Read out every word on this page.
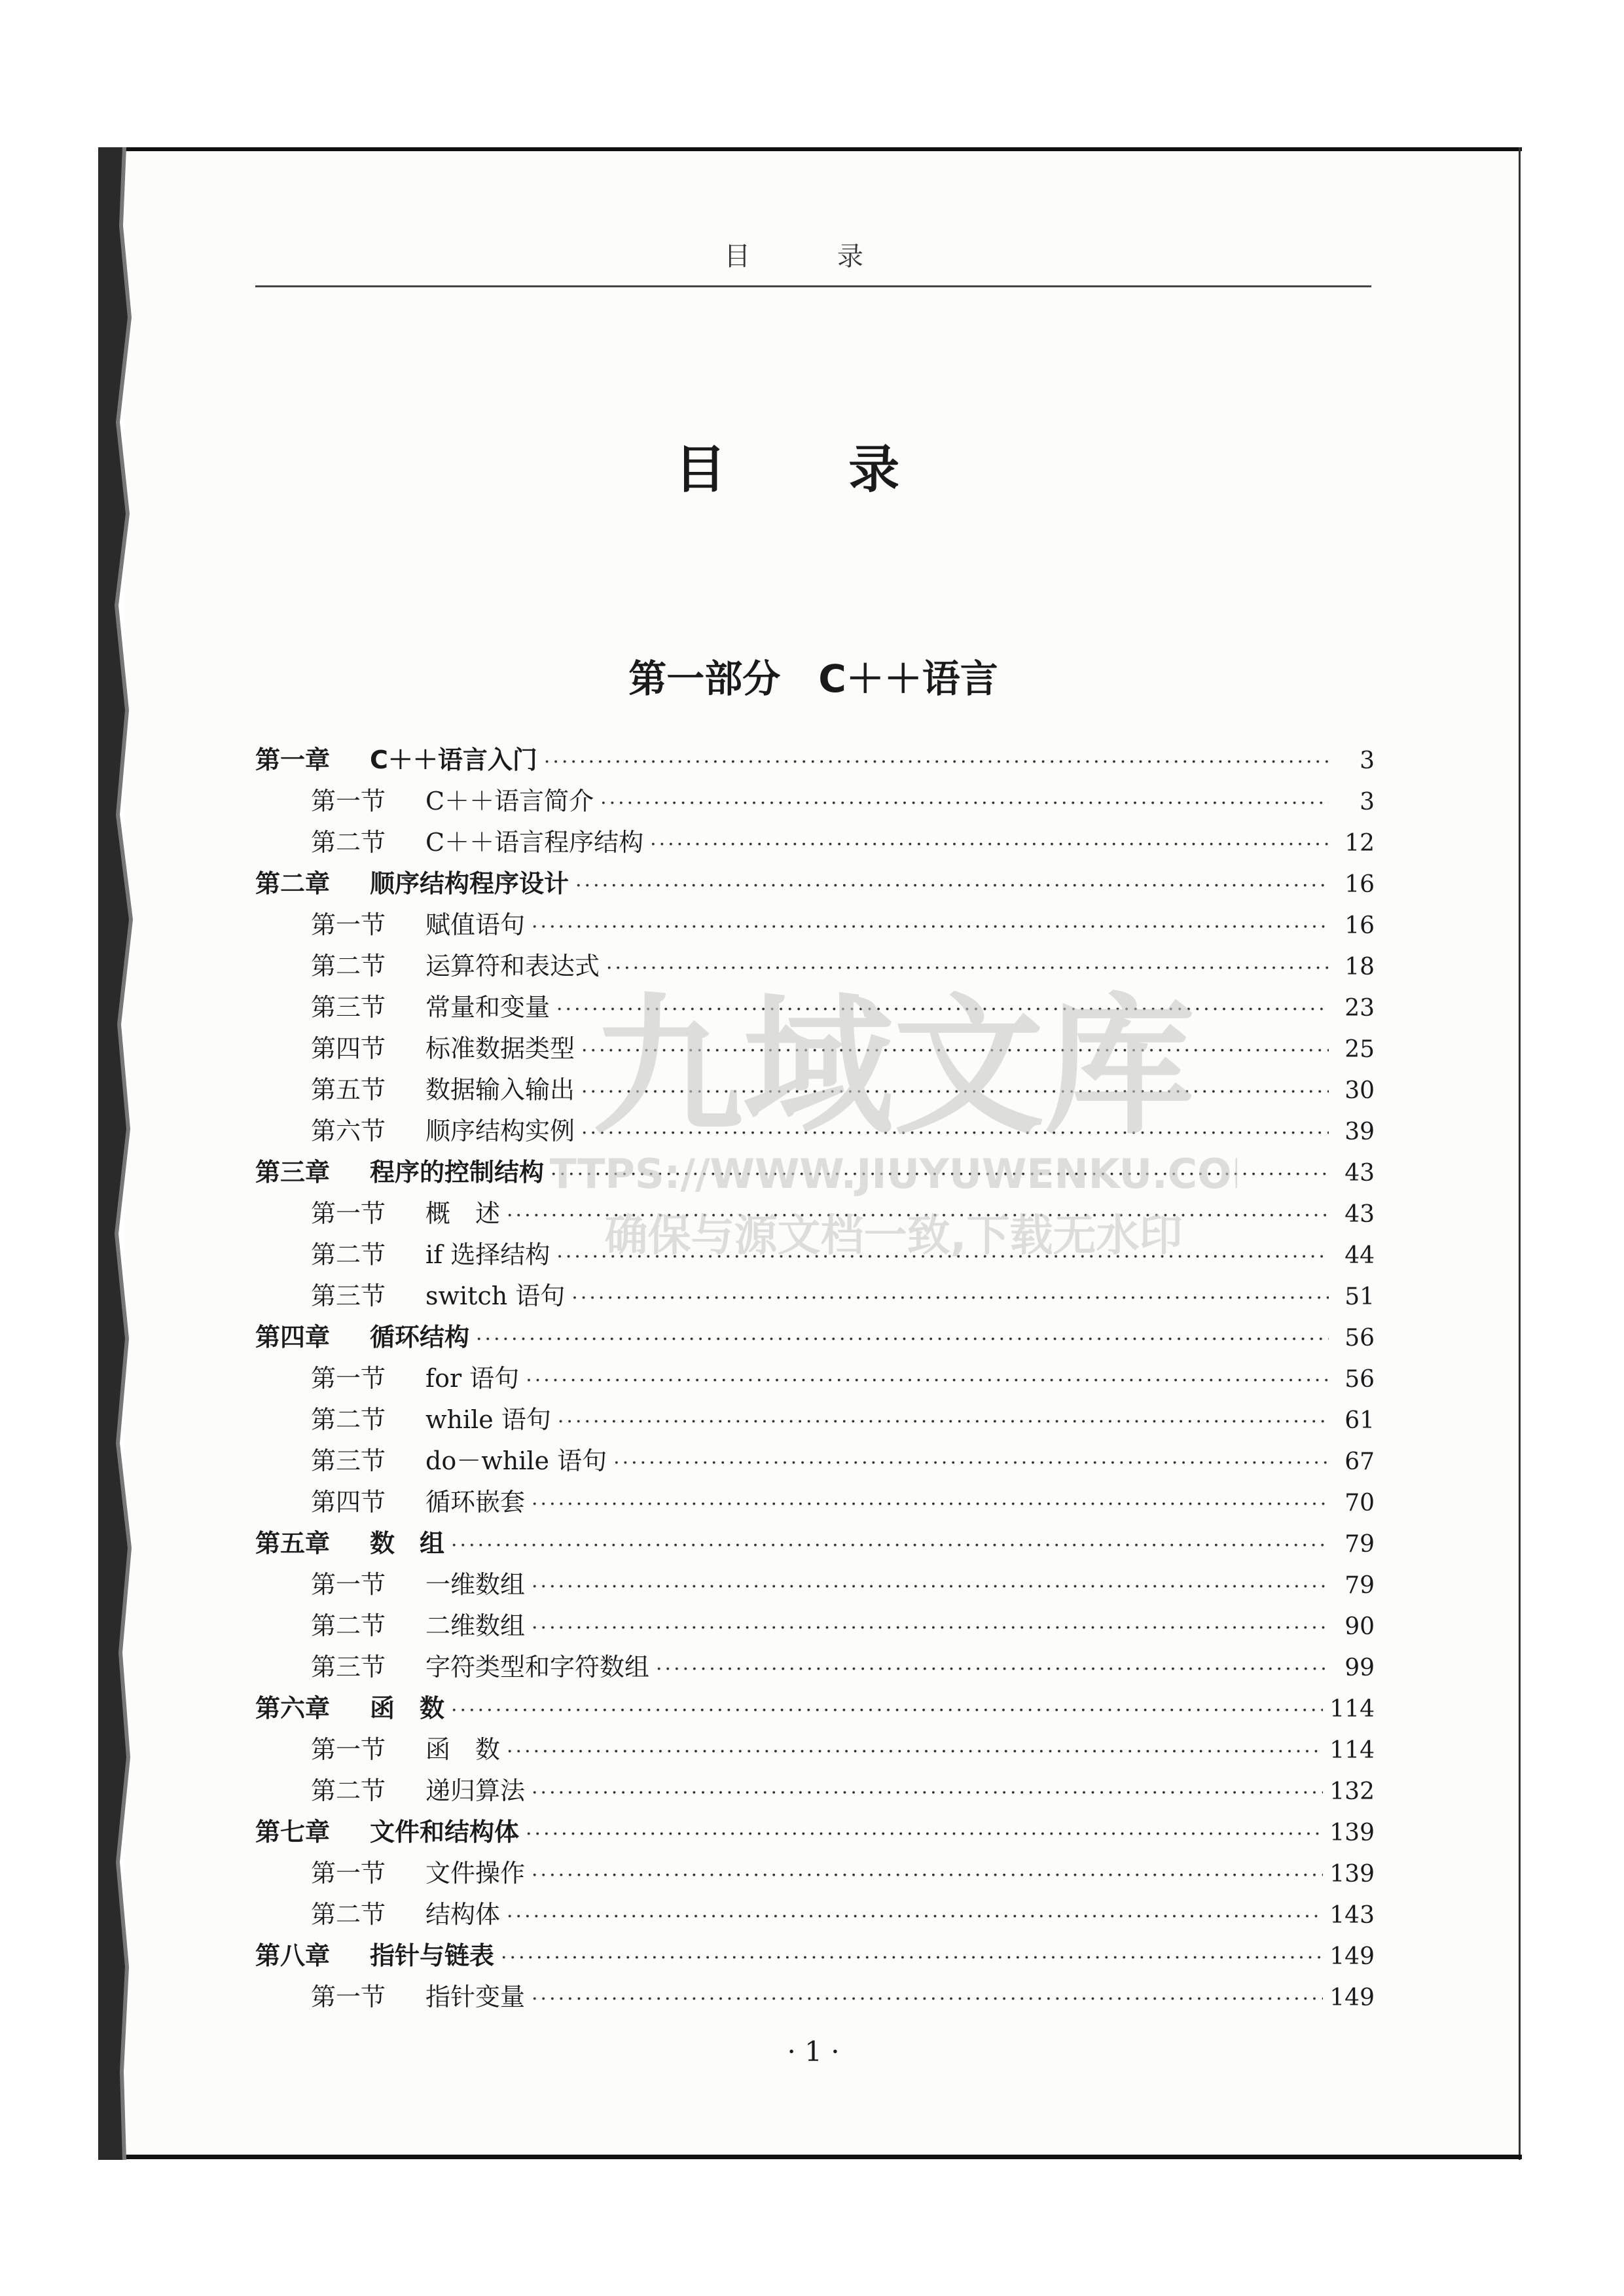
目 录
目 录
第一部分　C＋＋语言
第一章	C＋＋语言入门 ·····	3
第一节	C＋＋语言简介 ·····	3
第二节	C＋＋语言程序结构 ·····	12
第二章	顺序结构程序设计 ·····	16
第一节	赋值语句 ·····	16
第二节	运算符和表达式 ·····	18
第三节	常量和变量 ·····	23
第四节	标准数据类型 ·····	25
第五节	数据输入输出 ·····	30
第六节	顺序结构实例 ·····	39
第三章	程序的控制结构 ·····	43
第一节	概　述 ·····	43
第二节	if 选择结构 ·····	44
第三节	switch 语句 ·····	51
第四章	循环结构 ·····	56
第一节	for 语句 ·····	56
第二节	while 语句 ·····	61
第三节	do－while 语句 ·····	67
第四节	循环嵌套 ·····	70
第五章	数　组 ·····	79
第一节	一维数组 ·····	79
第二节	二维数组 ·····	90
第三节	字符类型和字符数组 ·····	99
第六章	函　数 ·····	114
第一节	函　数 ·····	114
第二节	递归算法 ·····	132
第七章	文件和结构体 ·····	139
第一节	文件操作 ·····	139
第二节	结构体 ·····	143
第八章	指针与链表 ·····	149
第一节	指针变量 ·····	149
· 1 ·
九域文库
HTTPS://WWW.JIUYUWENKU.COM
确保与源文档一致,下载无水印
